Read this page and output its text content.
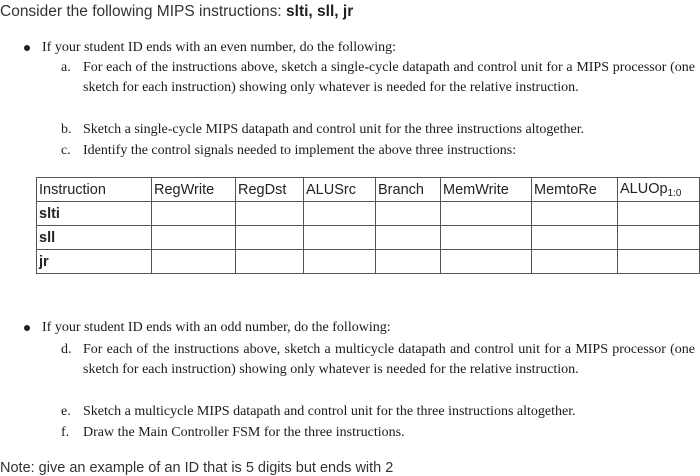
Consider the following MIPS instructions: slti, sll, jr
If your student ID ends with an even number, do the following:
a. For each of the instructions above, sketch a single-cycle datapath and control unit for a MIPS processor (one sketch for each instruction) showing only whatever is needed for the relative instruction.
b. Sketch a single-cycle MIPS datapath and control unit for the three instructions altogether.
c. Identify the control signals needed to implement the above three instructions:
Instruction	RegWrite	RegDst	ALUSrc	Branch	MemWrite	MemtoRe	ALUOp$_{1:0}$
slti							
sll							
jr							
If your student ID ends with an odd number, do the following:
d. For each of the instructions above, sketch a multicycle datapath and control unit for a MIPS processor (one sketch for each instruction) showing only whatever is needed for the relative instruction.
e. Sketch a multicycle MIPS datapath and control unit for the three instructions altogether.
f. Draw the Main Controller FSM for the three instructions.
Note: give an example of an ID that is 5 digits but ends with 2
